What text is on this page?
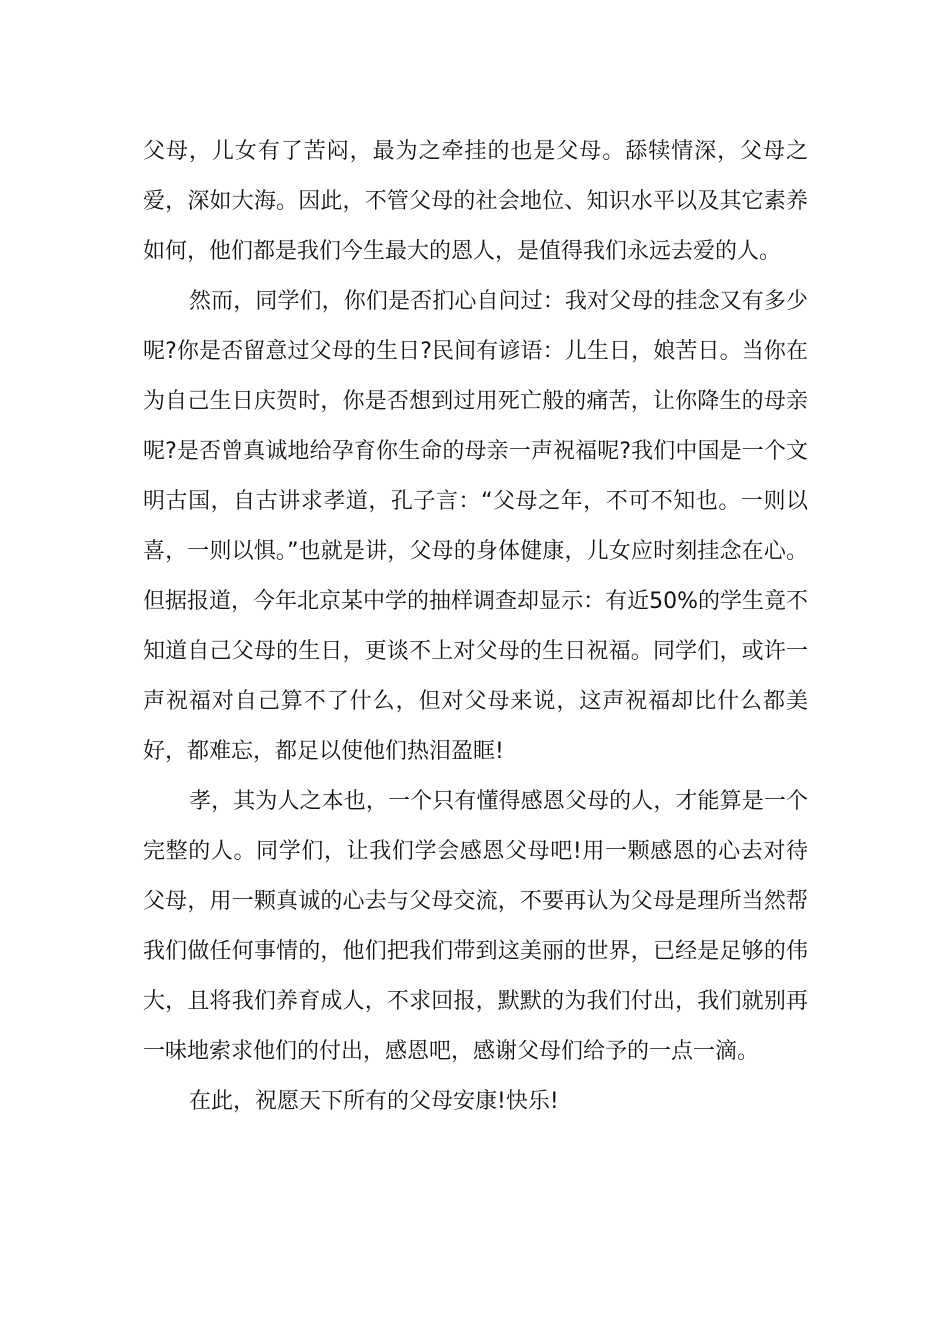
父母，儿女有了苦闷，最为之牵挂的也是父母。舔犊情深，父母之爱，深如大海。因此，不管父母的社会地位、知识水平以及其它素养如何，他们都是我们今生最大的恩人，是值得我们永远去爱的人。

然而，同学们，你们是否扪心自问过：我对父母的挂念又有多少呢?你是否留意过父母的生日?民间有谚语：儿生日，娘苦日。当你在为自己生日庆贺时，你是否想到过用死亡般的痛苦，让你降生的母亲呢?是否曾真诚地给孕育你生命的母亲一声祝福呢?我们中国是一个文明古国，自古讲求孝道，孔子言：“父母之年，不可不知也。一则以喜，一则以惧。”也就是讲，父母的身体健康，儿女应时刻挂念在心。但据报道，今年北京某中学的抽样调查却显示：有近50%的学生竟不知道自己父母的生日，更谈不上对父母的生日祝福。同学们，或许一声祝福对自己算不了什么，但对父母来说，这声祝福却比什么都美好，都难忘，都足以使他们热泪盈眶!

孝，其为人之本也，一个只有懂得感恩父母的人，才能算是一个完整的人。同学们，让我们学会感恩父母吧!用一颗感恩的心去对待父母，用一颗真诚的心去与父母交流，不要再认为父母是理所当然帮我们做任何事情的，他们把我们带到这美丽的世界，已经是足够的伟大，且将我们养育成人，不求回报，默默的为我们付出，我们就别再一味地索求他们的付出，感恩吧，感谢父母们给予的一点一滴。

在此，祝愿天下所有的父母安康!快乐!
